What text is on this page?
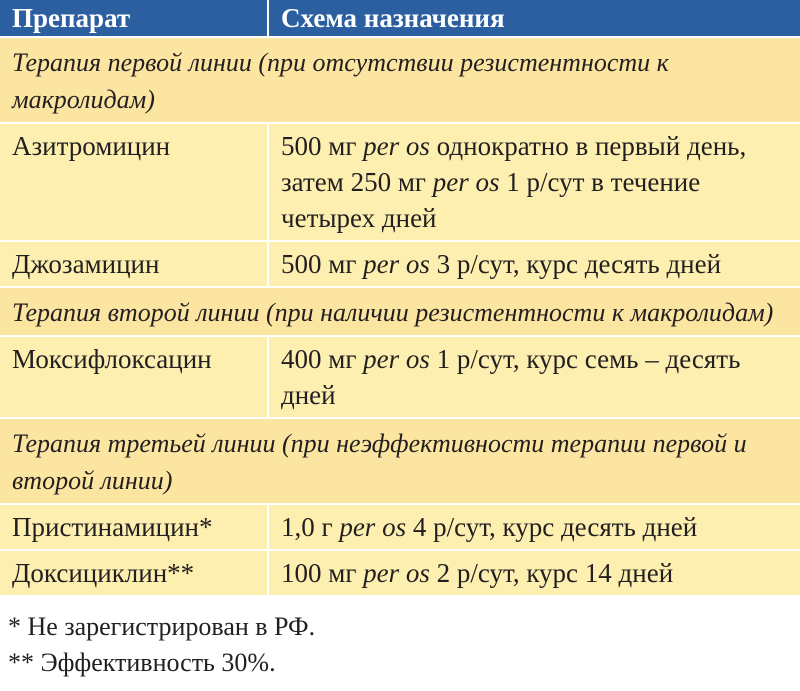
Препарат	Схема назначения
Терапия первой линии (при отсутствии резистентности к макролидам)	
Азитромицин	500 мг per os однократно в первый день, затем 250 мг per os 1 р/сут в течение четырех дней
Джозамицин	500 мг per os 3 р/сут, курс десять дней
Терапия второй линии (при наличии резистентности к макролидам)	
Моксифлоксацин	400 мг per os 1 р/сут, курс семь – десять дней
Терапия третьей линии (при неэффективности терапии первой и второй линии)	
Пристинамицин*	1,0 г per os 4 р/сут, курс десять дней
Доксициклин**	100 мг per os 2 р/сут, курс 14 дней
* Не зарегистрирован в РФ.
** Эффективность 30%.
